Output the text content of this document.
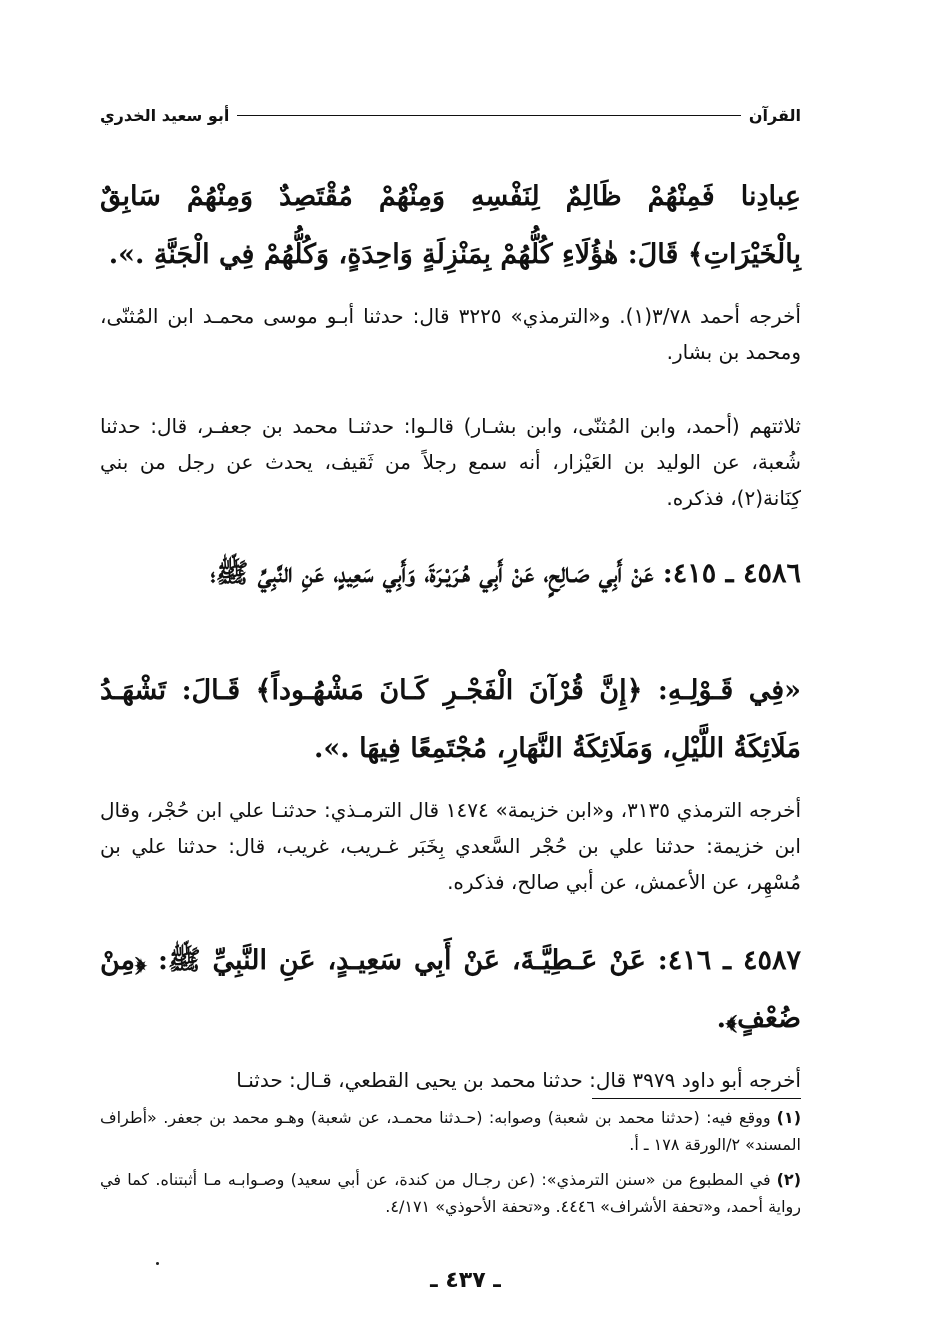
القرآن
أبو سعيد الخدري
عِبادِنا فَمِنْهُمْ ظَالِمٌ لِنَفْسِهِ وَمِنْهُمْ مُقْتَصِدٌ وَمِنْهُمْ سَابِقٌ بِالْخَيْرَاتِ﴾ قَالَ: هٰؤُلَاءِ كُلُّهُمْ بِمَنْزِلَةٍ وَاحِدَةٍ، وَكُلُّهُمْ فِي الْجَنَّةِ .».
أخرجه أحمد ٣/٧٨(١). و«الترمذي» ٣٢٢٥ قال: حدثنا أبـو موسى محمـد ابن المُثنّى، ومحمد بن بشار.
ثلاثتهم (أحمد، وابن المُثنّى، وابن بشـار) قالـوا: حدثنـا محمد بن جعفـر، قال: حدثنا شُعبة، عن الوليد بن العَيْزار، أنه سمع رجلاً من ثَقيف، يحدث عن رجل من بني كِنَانة(٢)، فذكره.
٤٥٨٦ ـ ٤١٥: عَنْ أَبِي صَـالِحٍ، عَنْ أَبِي هُـرَيْـرَةَ، وَأَبِي سَعِيدٍ، عَنِ النَّبِيِّ ﷺ؛
«فِي قَـوْلِـهِ: ﴿إِنَّ قُرْآنَ الْفَجْـرِ كَـانَ مَشْهُـوداً﴾ قَـالَ: تَشْهَـدُ مَلَائِكَةُ اللَّيْلِ، وَمَلَائِكَةُ النَّهَارِ، مُجْتَمِعًا فِيهَا .».
أخرجه الترمذي ٣١٣٥، و«ابن خزيمة» ١٤٧٤ قال الترمـذي: حدثنـا علي ابن حُجْر، وقال ابن خزيمة: حدثنا علي بن حُجْر السَّعدي بِخَبَر غـريب، غريب، قال: حدثنا علي بن مُسْهِر، عن الأعمش، عن أبي صالح، فذكره.
٤٥٨٧ ـ ٤١٦: عَنْ عَـطِيَّـةَ، عَنْ أَبِي سَعِيـدٍ، عَنِ النَّبِيِّ ﷺ: ﴿مِنْ ضُعْفٍ﴾.
أخرجه أبو داود ٣٩٧٩ قال: حدثنا محمد بن يحيى القطعي، قـال: حدثنـا
(١)ووقع فيه: (حدثنا محمد بن شعبة) وصوابه: (حـدثنا محمـد، عن شعبة) وهـو محمد بن جعفر. «أطراف المسند» ٢/الورقة ١٧٨ ـ أ.
(٢)في المطبوع من «سنن الترمذي»: (عن رجـال من كندة، عن أبي سعيد) وصـوابـه مـا أثبتناه. كما في رواية أحمد، و«تحفة الأشراف» ٤٤٤٦. و«تحفة الأحوذي» ٤/١٧١.
ـ ٤٣٧ ـ
